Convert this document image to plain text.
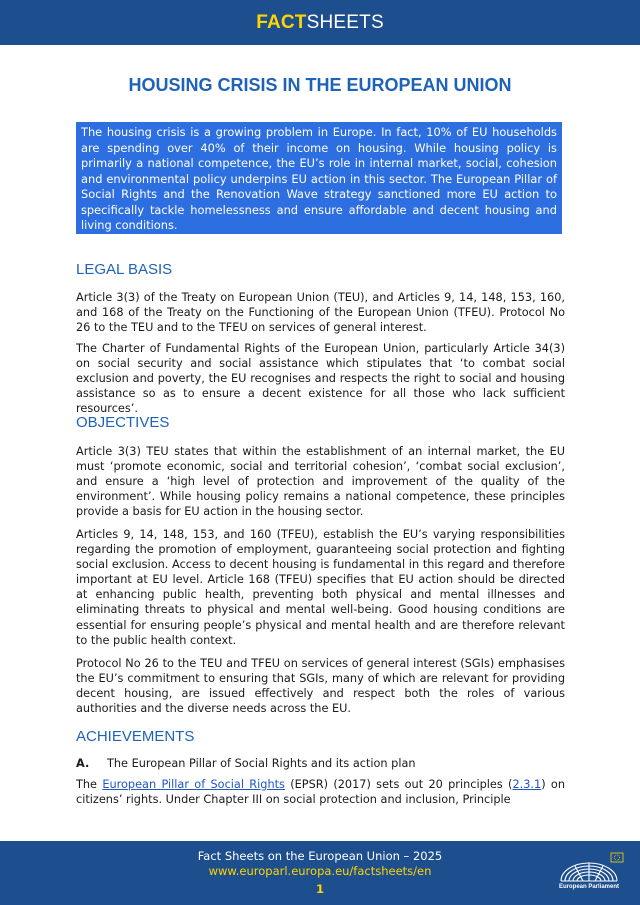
FACTSHEETS
HOUSING CRISIS IN THE EUROPEAN UNION
The housing crisis is a growing problem in Europe. In fact, 10% of EU households are spending over 40% of their income on housing. While housing policy is primarily a national competence, the EU’s role in internal market, social, cohesion and environmental policy underpins EU action in this sector. The European Pillar of Social Rights and the Renovation Wave strategy sanctioned more EU action to specifically tackle homelessness and ensure affordable and decent housing and living conditions.
LEGAL BASIS

Article 3(3) of the Treaty on European Union (TEU), and Articles 9, 14, 148, 153, 160, and 168 of the Treaty on the Functioning of the European Union (TFEU). Protocol No 26 to the TEU and to the TFEU on services of general interest.

The Charter of Fundamental Rights of the European Union, particularly Article 34(3) on social security and social assistance which stipulates that ‘to combat social exclusion and poverty, the EU recognises and respects the right to social and housing assistance so as to ensure a decent existence for all those who lack sufficient resources’.

OBJECTIVES

Article 3(3) TEU states that within the establishment of an internal market, the EU must ‘promote economic, social and territorial cohesion’, ‘combat social exclusion’, and ensure a ‘high level of protection and improvement of the quality of the environment’. While housing policy remains a national competence, these principles provide a basis for EU action in the housing sector.

Articles 9, 14, 148, 153, and 160 (TFEU), establish the EU’s varying responsibilities regarding the promotion of employment, guaranteeing social protection and fighting social exclusion. Access to decent housing is fundamental in this regard and therefore important at EU level. Article 168 (TFEU) specifies that EU action should be directed at enhancing public health, preventing both physical and mental illnesses and eliminating threats to physical and mental well-being. Good housing conditions are essential for ensuring people’s physical and mental health and are therefore relevant to the public health context.

Protocol No 26 to the TEU and TFEU on services of general interest (SGIs) emphasises the EU’s commitment to ensuring that SGIs, many of which are relevant for providing decent housing, are issued effectively and respect both the roles of various authorities and the diverse needs across the EU.

ACHIEVEMENTS

A. The European Pillar of Social Rights and its action plan

The European Pillar of Social Rights (EPSR) (2017) sets out 20 principles (2.3.1) on citizens’ rights. Under Chapter III on social protection and inclusion, Principle

Fact Sheets on the European Union – 2025
www.europarl.europa.eu/factsheets/en
1	European Parliament
